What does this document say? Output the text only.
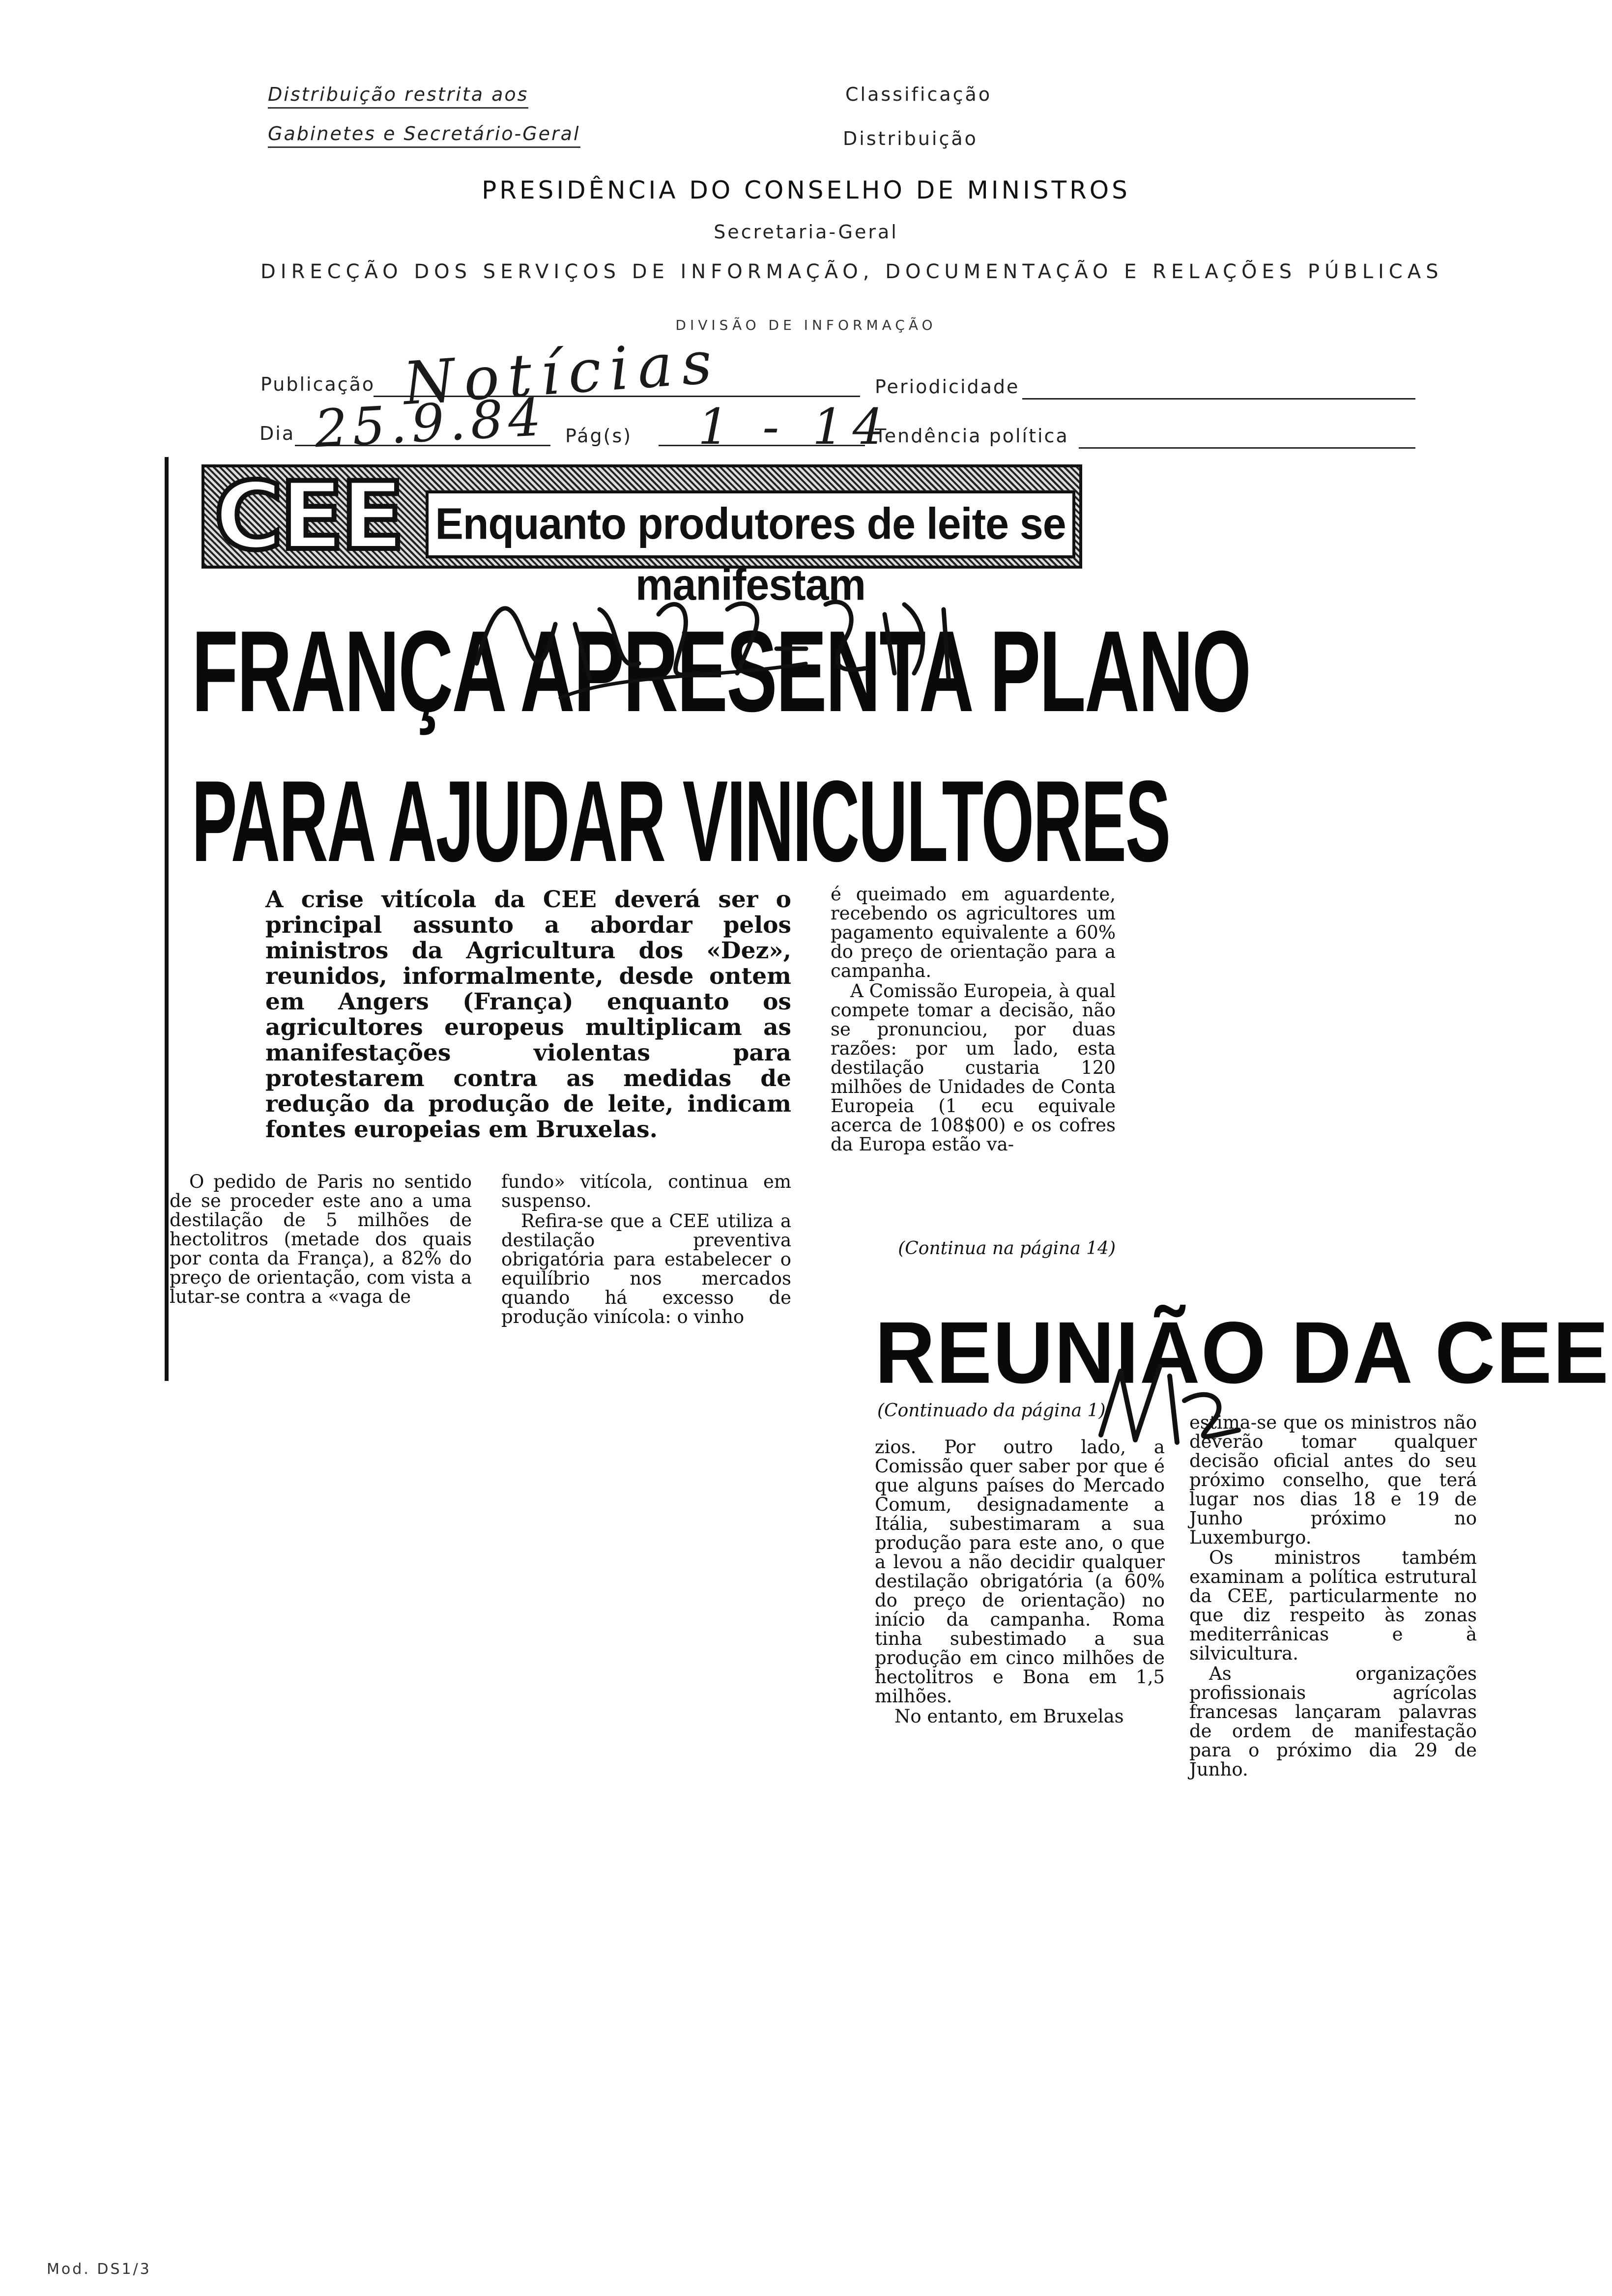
Distribuição restrita aos
Gabinetes e Secretário-Geral
Classificação
Distribuição
PRESIDÊNCIA DO CONSELHO DE MINISTROS
Secretaria-Geral
DIRECÇÃO DOS SERVIÇOS DE INFORMAÇÃO, DOCUMENTAÇÃO E RELAÇÕES PÚBLICAS
DIVISÃO DE INFORMAÇÃO
Publicação Notícias	Periodicidade
Dia 25.9.84 Pág(s) 1 - 14
Tendência política
CEE Enquanto produtores de leite se manifestam
FRANÇA APRESENTA PLANO
PARA AJUDAR VINICULTORES
A crise vitícola da CEE deverá ser o principal assunto a abordar pelos ministros da Agricultura dos «Dez», reunidos, informalmente, desde ontem em Angers (França) enquanto os agricultores europeus multiplicam as manifestações violentas para protestarem contra as medidas de redução da produção de leite, indicam fontes europeias em Bruxelas.

O pedido de Paris no sentido de se proceder este ano a uma destilação de 5 milhões de hectolitros (metade dos quais por conta da França), a 82% do preço de orientação, com vista a lutar-se contra a «vaga de

fundo» vitícola, continua em suspenso.

Refira-se que a CEE utiliza a destilação preventiva obrigatória para estabelecer o equilíbrio nos mercados quando há excesso de produção vinícola: o vinho

é queimado em aguardente, recebendo os agricultores um pagamento equivalente a 60% do preço de orientação para a campanha.

A Comissão Europeia, à qual compete tomar a decisão, não se pronunciou, por duas razões: por um lado, esta destilação custaria 120 milhões de Unidades de Conta Europeia (1 ecu equivale acerca de 108$00) e os cofres da Europa estão va-

(Continua na página 14)
REUNIÃO DA CEE
(Continuado da página 1)

zios. Por outro lado, a Comissão quer saber por que é que alguns países do Mercado Comum, designadamente a Itália, subestimaram a sua produção para este ano, o que a levou a não decidir qualquer destilação obrigatória (a 60% do preço de orientação) no início da campanha. Roma tinha subestimado a sua produção em cinco milhões de hectolitros e Bona em 1,5 milhões.

No entanto, em Bruxelas

estima-se que os ministros não deverão tomar qualquer decisão oficial antes do seu próximo conselho, que terá lugar nos dias 18 e 19 de Junho próximo no Luxemburgo.

Os ministros também examinam a política estrutural da CEE, particularmente no que diz respeito às zonas mediterrânicas e à silvicultura.

As organizações profissionais agrícolas francesas lançaram palavras de ordem de manifestação para o próximo dia 29 de Junho.

Mod. DS1/3
